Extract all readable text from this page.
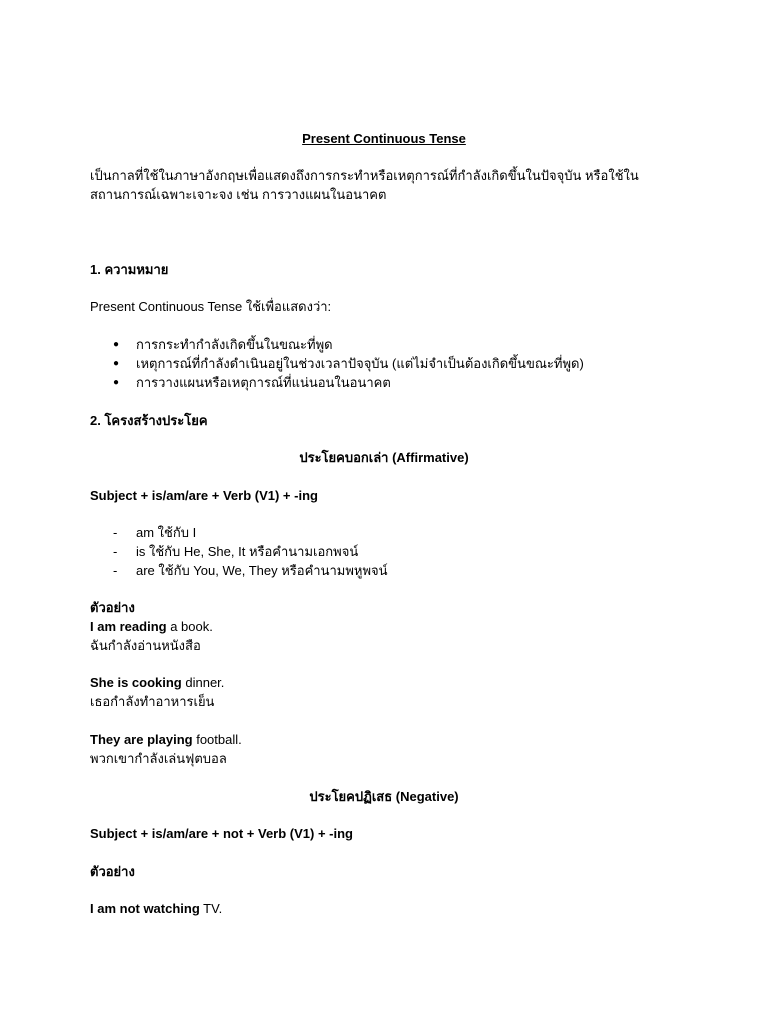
Present Continuous Tense
เป็นกาลที่ใช้ในภาษาอังกฤษเพื่อแสดงถึงการกระทำหรือเหตุการณ์ที่กำลังเกิดขึ้นในปัจจุบัน หรือใช้ใน
สถานการณ์เฉพาะเจาะจง เช่น การวางแผนในอนาคต
1. ความหมาย
Present Continuous Tense ใช้เพื่อแสดงว่า:
● การกระทำกำลังเกิดขึ้นในขณะที่พูด
● เหตุการณ์ที่กำลังดำเนินอยู่ในช่วงเวลาปัจจุบัน (แต่ไม่จำเป็นต้องเกิดขึ้นขณะที่พูด)
● การวางแผนหรือเหตุการณ์ที่แน่นอนในอนาคต
2. โครงสร้างประโยค
ประโยคบอกเล่า (Affirmative)
Subject + is/am/are + Verb (V1) + -ing
- am ใช้กับ I
- is ใช้กับ He, She, It หรือคำนามเอกพจน์
- are ใช้กับ You, We, They หรือคำนามพหูพจน์
ตัวอย่าง
I am reading a book.
ฉันกำลังอ่านหนังสือ
She is cooking dinner.
เธอกำลังทำอาหารเย็น
They are playing football.
พวกเขากำลังเล่นฟุตบอล
ประโยคปฏิเสธ (Negative)
Subject + is/am/are + not + Verb (V1) + -ing
ตัวอย่าง
I am not watching TV.
